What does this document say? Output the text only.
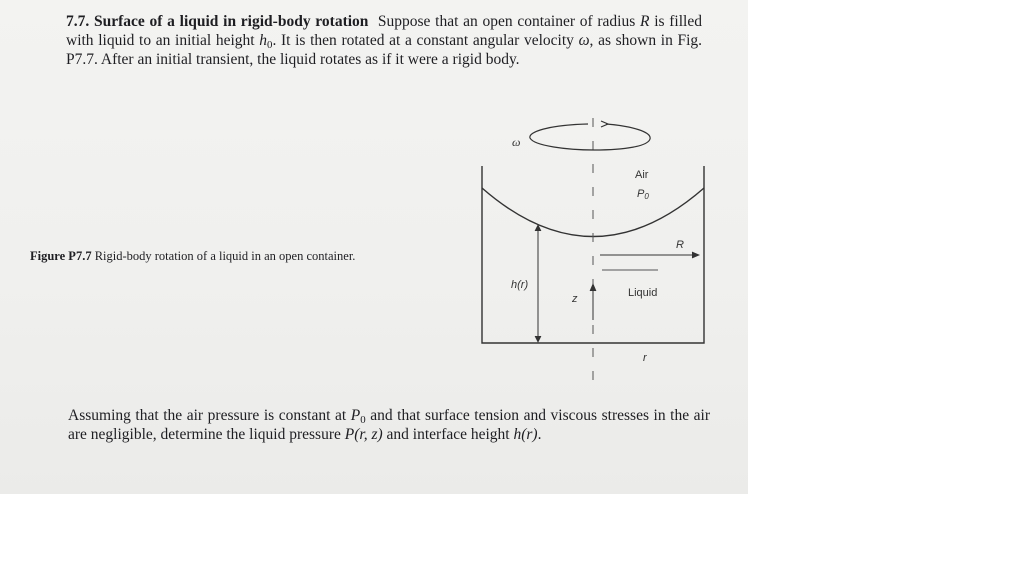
7.7. Surface of a liquid in rigid-body rotation Suppose that an open container of radius R is filled with liquid to an initial height $h_0$. It is then rotated at a constant angular velocity ω, as shown in Fig. P7.7. After an initial transient, the liquid rotates as if it were a rigid body.
Figure P7.7 Rigid-body rotation of a liquid in an open container.
ω
Air
P0
R
h(r)
z	Liquid
r
Assuming that the air pressure is constant at $P_0$ and that surface tension and viscous stresses in the air are negligible, determine the liquid pressure P(r, z) and interface height h(r).
